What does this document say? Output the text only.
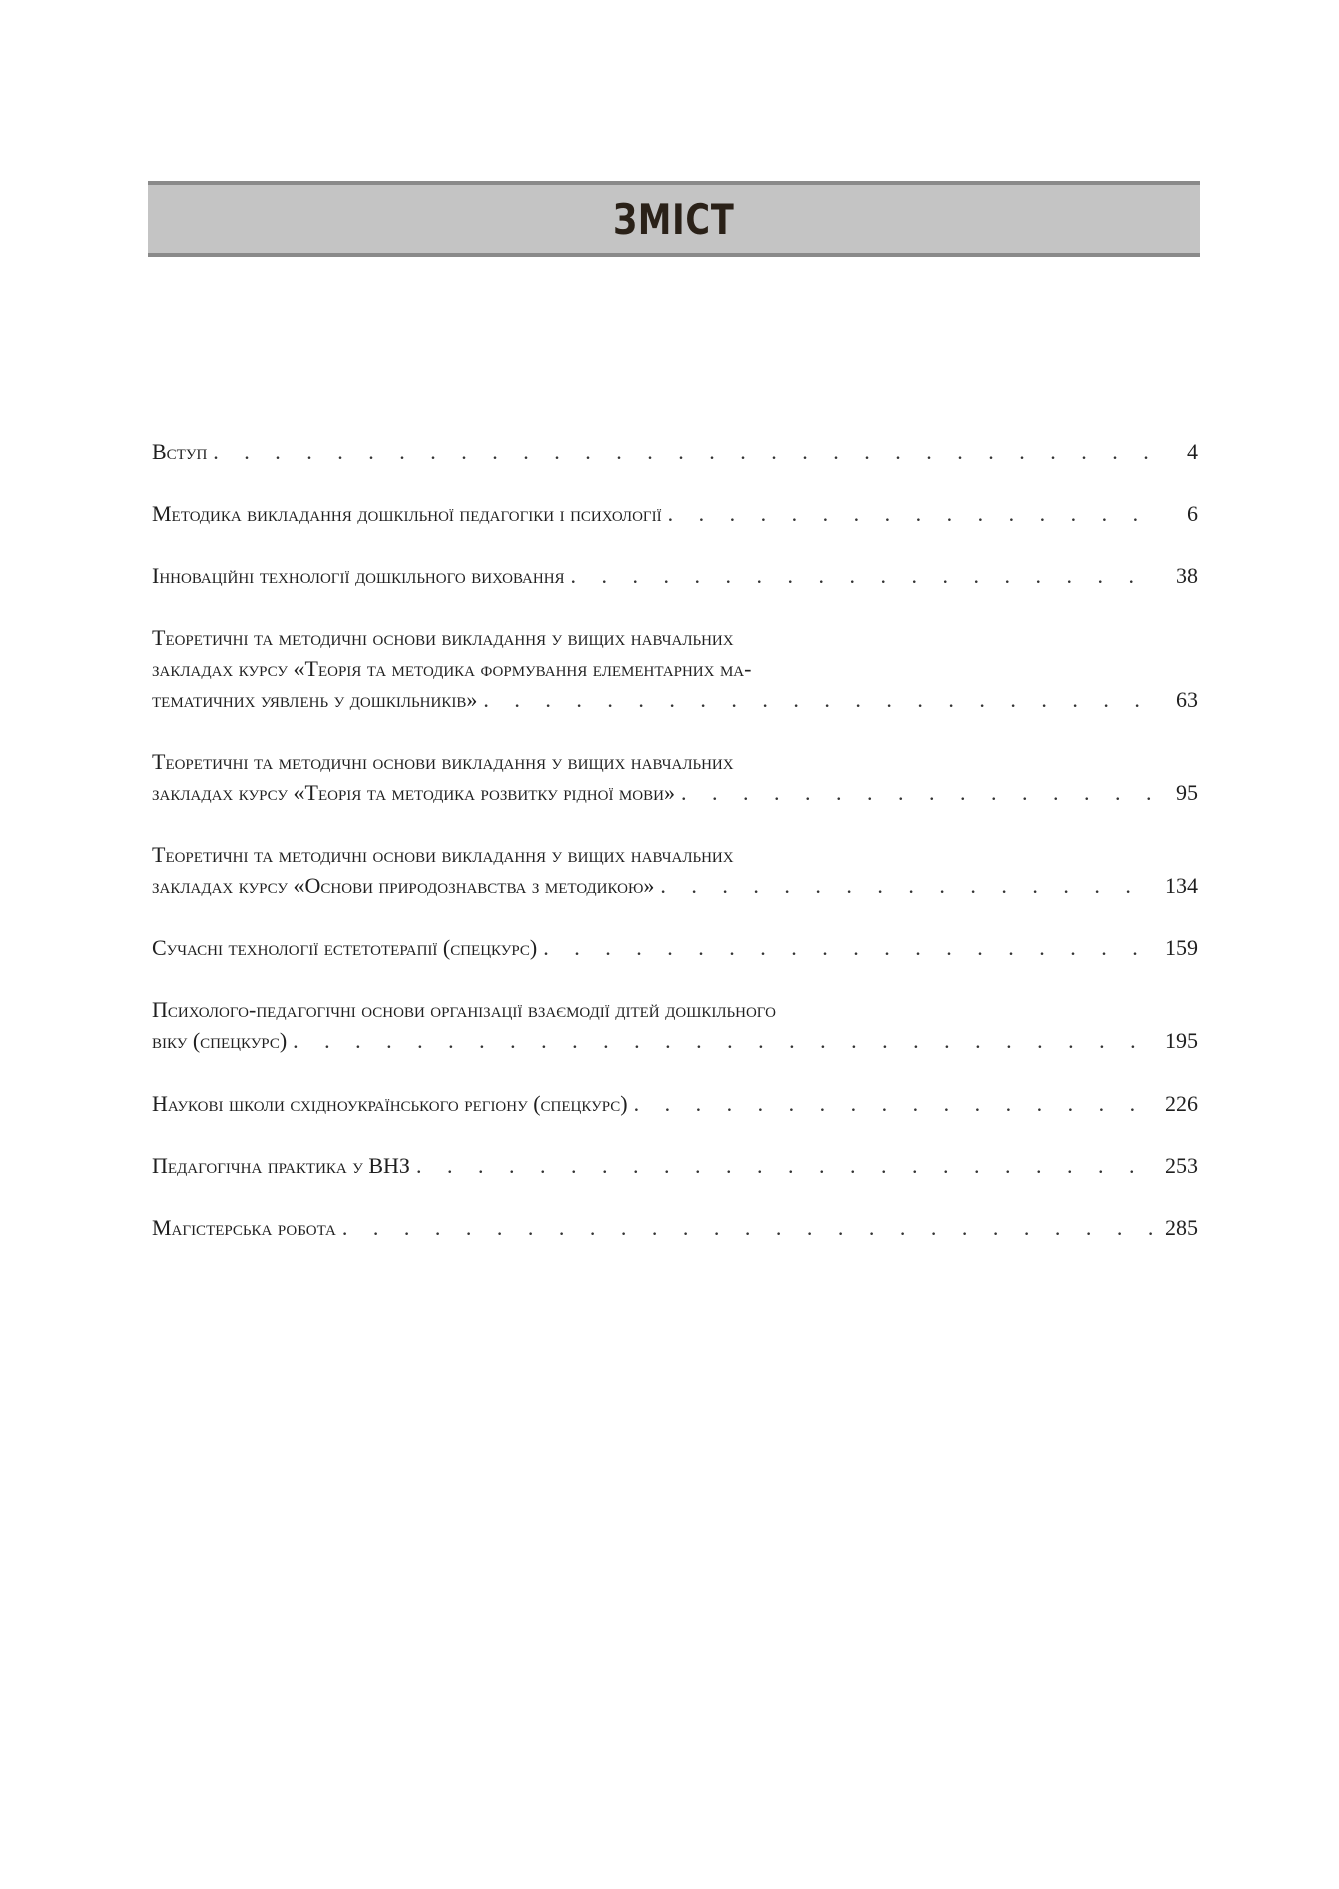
ЗМІСТ
Вступ . . .	4
Методика викладання дошкільної педагогіки і психології . . .	6
Інноваційні технології дошкільного виховання . . .	38
Теоретичні та методичні основи викладання у вищих навчальних
закладах курсу «Теорія та методика формування елементарних ма-
тематичних уявлень у дошкільників» . . .	63
Теоретичні та методичні основи викладання у вищих навчальних
закладах курсу «Теорія та методика розвитку рідної мови» . . .	95
Теоретичні та методичні основи викладання у вищих навчальних
закладах курсу «Основи природознавства з методикою» . . .	134
Сучасні технології естетотерапії (спецкурс) . . .	159
Психолого-педагогічні основи організації взаємодії дітей дошкільного
віку (спецкурс) . . .	195
Наукові школи східноукраїнського регіону (спецкурс) . . .	226
Педагогічна практика у ВНЗ . . .	253
Магістерська робота . . .	285
